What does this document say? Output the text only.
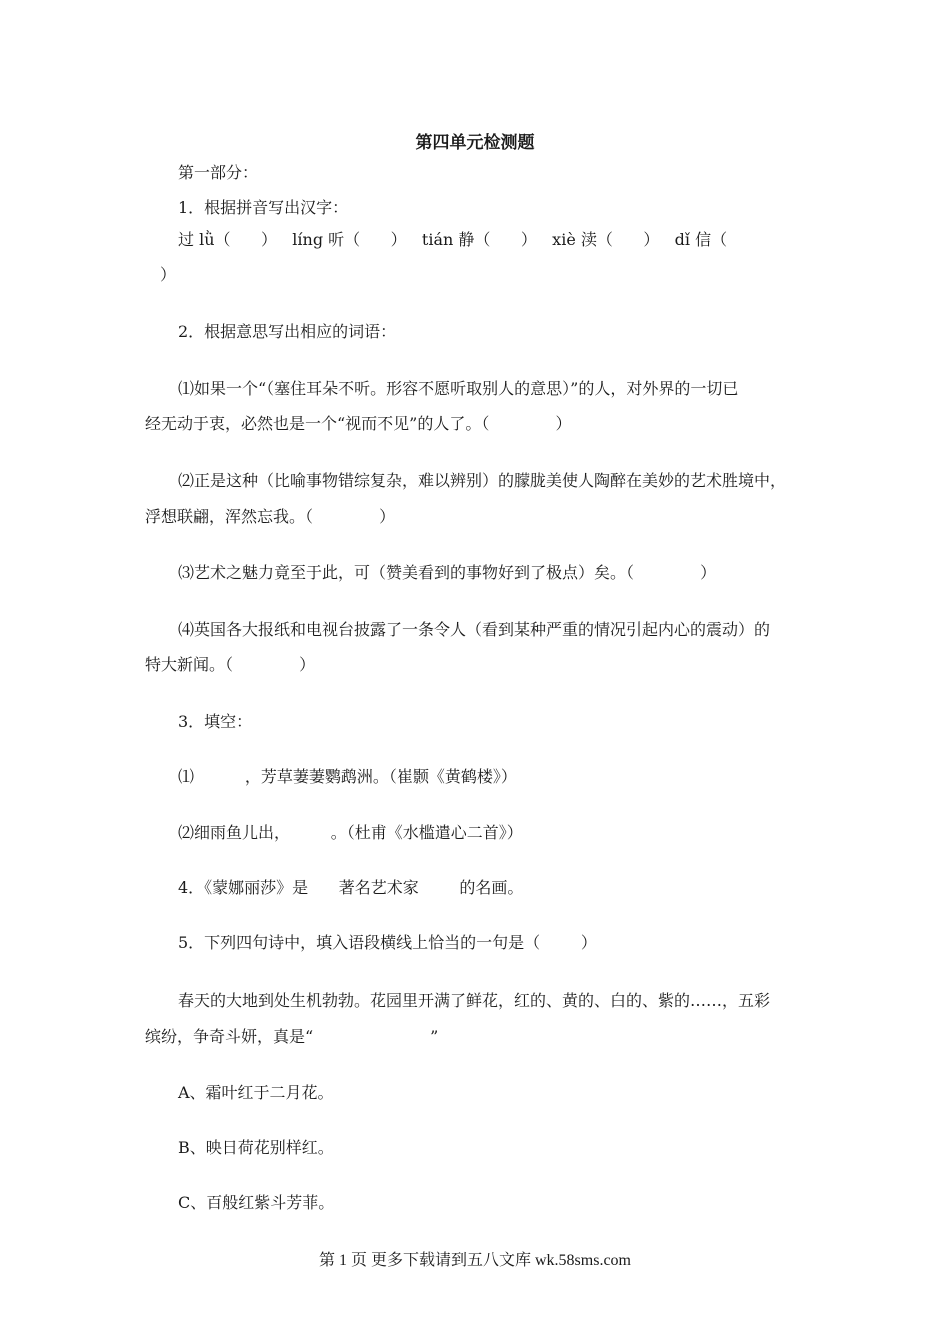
第四单元检测题
第一部分：
1．根据拼音写出汉字：
过 lǜ（      ）   líng 听（      ）   tián 静（      ）   xiè 渎（      ）   dǐ 信（
）
2．根据意思写出相应的词语：
⑴如果一个“（塞住耳朵不听。形容不愿听取别人的意思）”的人，对外界的一切已
经无动于衷，必然也是一个“视而不见”的人了。（             ）
⑵正是这种（比喻事物错综复杂，难以辨别）的朦胧美使人陶醉在美妙的艺术胜境中，
浮想联翩，浑然忘我。（             ）
⑶艺术之魅力竟至于此，可（赞美看到的事物好到了极点）矣。（             ）
⑷英国各大报纸和电视台披露了一条令人（看到某种严重的情况引起内心的震动）的
特大新闻。（             ）
3．填空：
⑴          ，芳草萋萋鹦鹉洲。（崔颢《黄鹤楼》）
⑵细雨鱼儿出，        。（杜甫《水槛遣心二首》）
4．《蒙娜丽莎》是      著名艺术家        的名画。
5．下列四句诗中，填入语段横线上恰当的一句是（        ）
春天的大地到处生机勃勃。花园里开满了鲜花，红的、黄的、白的、紫的……，五彩
缤纷，争奇斗妍，真是“                       ”
A、霜叶红于二月花。
B、映日荷花别样红。
C、百般红紫斗芳菲。
第 1 页 更多下载请到五八文库 wk.58sms.com
